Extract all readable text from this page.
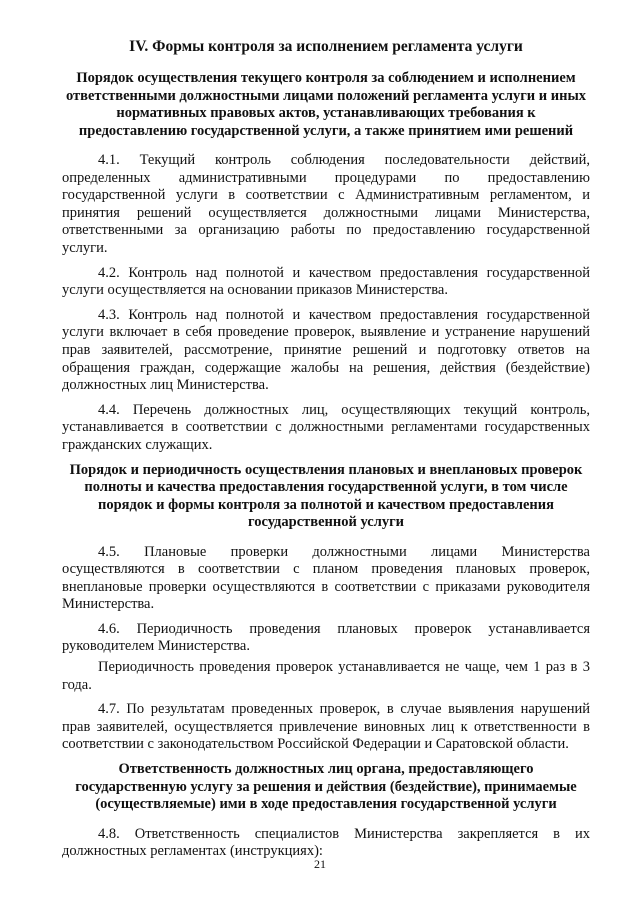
IV. Формы контроля за исполнением регламента услуги
Порядок осуществления текущего контроля за соблюдением и исполнением ответственными должностными лицами положений регламента услуги и иных нормативных правовых актов, устанавливающих требования к предоставлению государственной услуги, а также принятием ими решений

4.1. Текущий контроль соблюдения последовательности действий, определенных административными процедурами по предоставлению государственной услуги в соответствии с Административным регламентом, и принятия решений осуществляется должностными лицами Министерства, ответственными за организацию работы по предоставлению государственной услуги.

4.2. Контроль над полнотой и качеством предоставления государственной услуги осуществляется на основании приказов Министерства.

4.3. Контроль над полнотой и качеством предоставления государственной услуги включает в себя проведение проверок, выявление и устранение нарушений прав заявителей, рассмотрение, принятие решений и подготовку ответов на обращения граждан, содержащие жалобы на решения, действия (бездействие) должностных лиц Министерства.

4.4. Перечень должностных лиц, осуществляющих текущий контроль, устанавливается в соответствии с должностными регламентами государственных гражданских служащих.

Порядок и периодичность осуществления плановых и внеплановых проверок полноты и качества предоставления государственной услуги, в том числе порядок и формы контроля за полнотой и качеством предоставления государственной услуги

4.5. Плановые проверки должностными лицами Министерства осуществляются в соответствии с планом проведения плановых проверок, внеплановые проверки осуществляются в соответствии с приказами руководителя Министерства.

4.6. Периодичность проведения плановых проверок устанавливается руководителем Министерства.

Периодичность проведения проверок устанавливается не чаще, чем 1 раз в 3 года.

4.7. По результатам проведенных проверок, в случае выявления нарушений прав заявителей, осуществляется привлечение виновных лиц к ответственности в соответствии с законодательством Российской Федерации и Саратовской области.

Ответственность должностных лиц органа, предоставляющего государственную услугу за решения и действия (бездействие), принимаемые (осуществляемые) ими в ходе предоставления государственной услуги

4.8. Ответственность специалистов Министерства закрепляется в их должностных регламентах (инструкциях):

21
